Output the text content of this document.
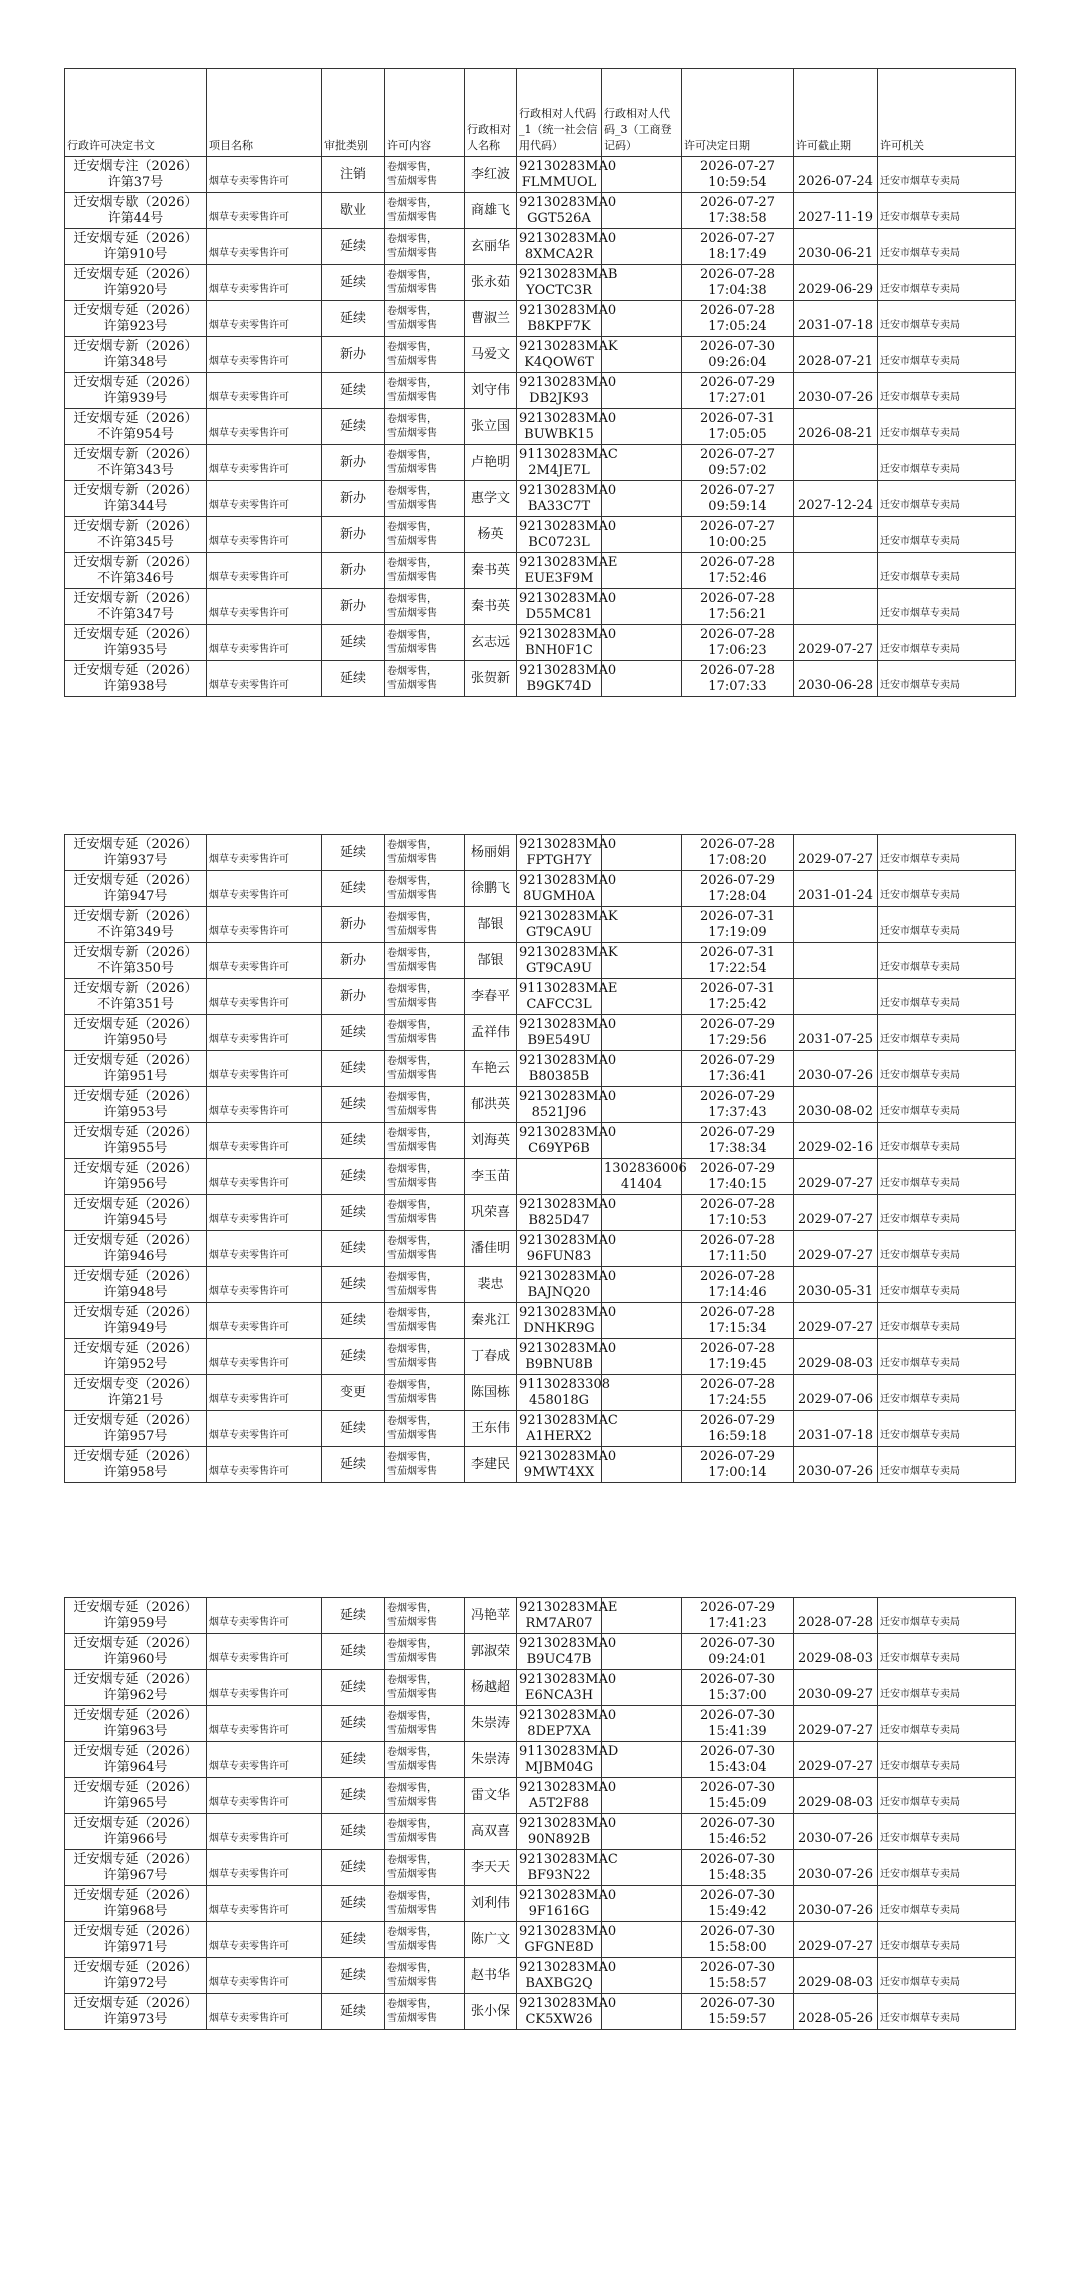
行政许可决定书文	项目名称	审批类别	许可内容	行政相对人名称	行政相对人代码_1（统一社会信用代码）	行政相对人代码_3（工商登记码）	许可决定日期	许可截止期	许可机关

迁安烟专注（2026）
许第37号	烟草专卖零售许可	注销	卷烟零售，
雪茄烟零售	李红波	92130283MA0
FLMMUOL		2026-07-27
10:59:54	2026-07-24	迁安市烟草专卖局

迁安烟专歇（2026）
许第44号	烟草专卖零售许可	歇业	卷烟零售，
雪茄烟零售	商雄飞	92130283MA0
GGT526A		2026-07-27
17:38:58	2027-11-19	迁安市烟草专卖局

迁安烟专延（2026）
许第910号	烟草专卖零售许可	延续	卷烟零售，
雪茄烟零售	玄丽华	92130283MA0
8XMCA2R		2026-07-27
18:17:49	2030-06-21	迁安市烟草专卖局

迁安烟专延（2026）
许第920号	烟草专卖零售许可	延续	卷烟零售，
雪茄烟零售	张永茹	92130283MAB
YOCTC3R		2026-07-28
17:04:38	2029-06-29	迁安市烟草专卖局

迁安烟专延（2026）
许第923号	烟草专卖零售许可	延续	卷烟零售，
雪茄烟零售	曹淑兰	92130283MA0
B8KPF7K		2026-07-28
17:05:24	2031-07-18	迁安市烟草专卖局

迁安烟专新（2026）
许第348号	烟草专卖零售许可	新办	卷烟零售，
雪茄烟零售	马爱文	92130283MAK
K4QOW6T		2026-07-30
09:26:04	2028-07-21	迁安市烟草专卖局

迁安烟专延（2026）
许第939号	烟草专卖零售许可	延续	卷烟零售，
雪茄烟零售	刘守伟	92130283MA0
DB2JK93		2026-07-29
17:27:01	2030-07-26	迁安市烟草专卖局

迁安烟专延（2026）
不许第954号	烟草专卖零售许可	延续	卷烟零售，
雪茄烟零售	张立国	92130283MA0
BUWBK15		2026-07-31
17:05:05	2026-08-21	迁安市烟草专卖局

迁安烟专新（2026）
不许第343号	烟草专卖零售许可	新办	卷烟零售，
雪茄烟零售	卢艳明	91130283MAC
2M4JE7L		2026-07-27
09:57:02		迁安市烟草专卖局

迁安烟专新（2026）
许第344号	烟草专卖零售许可	新办	卷烟零售，
雪茄烟零售	惠学文	92130283MA0
BA33C7T		2026-07-27
09:59:14	2027-12-24	迁安市烟草专卖局

迁安烟专新（2026）
不许第345号	烟草专卖零售许可	新办	卷烟零售，
雪茄烟零售	杨英	92130283MA0
BC0723L		2026-07-27
10:00:25		迁安市烟草专卖局

迁安烟专新（2026）
不许第346号	烟草专卖零售许可	新办	卷烟零售，
雪茄烟零售	秦书英	92130283MAE
EUE3F9M		2026-07-28
17:52:46		迁安市烟草专卖局

迁安烟专新（2026）
不许第347号	烟草专卖零售许可	新办	卷烟零售，
雪茄烟零售	秦书英	92130283MA0
D55MC81		2026-07-28
17:56:21		迁安市烟草专卖局

迁安烟专延（2026）
许第935号	烟草专卖零售许可	延续	卷烟零售，
雪茄烟零售	玄志远	92130283MA0
BNH0F1C		2026-07-28
17:06:23	2029-07-27	迁安市烟草专卖局

迁安烟专延（2026）
许第938号	烟草专卖零售许可	延续	卷烟零售，
雪茄烟零售	张贺新	92130283MA0
B9GK74D		2026-07-28
17:07:33	2030-06-28	迁安市烟草专卖局
迁安烟专延（2026）
许第937号	烟草专卖零售许可	延续	卷烟零售，
雪茄烟零售	杨丽娟	92130283MA0
FPTGH7Y		2026-07-28
17:08:20	2029-07-27	迁安市烟草专卖局

迁安烟专延（2026）
许第947号	烟草专卖零售许可	延续	卷烟零售，
雪茄烟零售	徐鹏飞	92130283MA0
8UGMH0A		2026-07-29
17:28:04	2031-01-24	迁安市烟草专卖局

迁安烟专新（2026）
不许第349号	烟草专卖零售许可	新办	卷烟零售，
雪茄烟零售	郜银	92130283MAK
GT9CA9U		2026-07-31
17:19:09		迁安市烟草专卖局

迁安烟专新（2026）
不许第350号	烟草专卖零售许可	新办	卷烟零售，
雪茄烟零售	郜银	92130283MAK
GT9CA9U		2026-07-31
17:22:54		迁安市烟草专卖局

迁安烟专新（2026）
不许第351号	烟草专卖零售许可	新办	卷烟零售，
雪茄烟零售	李春平	91130283MAE
CAFCC3L		2026-07-31
17:25:42		迁安市烟草专卖局

迁安烟专延（2026）
许第950号	烟草专卖零售许可	延续	卷烟零售，
雪茄烟零售	孟祥伟	92130283MA0
B9E549U		2026-07-29
17:29:56	2031-07-25	迁安市烟草专卖局

迁安烟专延（2026）
许第951号	烟草专卖零售许可	延续	卷烟零售，
雪茄烟零售	车艳云	92130283MA0
B80385B		2026-07-29
17:36:41	2030-07-26	迁安市烟草专卖局

迁安烟专延（2026）
许第953号	烟草专卖零售许可	延续	卷烟零售，
雪茄烟零售	郁洪英	92130283MA0
8521J96		2026-07-29
17:37:43	2030-08-02	迁安市烟草专卖局

迁安烟专延（2026）
许第955号	烟草专卖零售许可	延续	卷烟零售，
雪茄烟零售	刘海英	92130283MA0
C69YP6B		2026-07-29
17:38:34	2029-02-16	迁安市烟草专卖局

迁安烟专延（2026）
许第956号	烟草专卖零售许可	延续	卷烟零售，
雪茄烟零售	李玉苗		1302836006
41404	2026-07-29
17:40:15	2029-07-27	迁安市烟草专卖局

迁安烟专延（2026）
许第945号	烟草专卖零售许可	延续	卷烟零售，
雪茄烟零售	巩荣喜	92130283MA0
B825D47		2026-07-28
17:10:53	2029-07-27	迁安市烟草专卖局

迁安烟专延（2026）
许第946号	烟草专卖零售许可	延续	卷烟零售，
雪茄烟零售	潘佳明	92130283MA0
96FUN83		2026-07-28
17:11:50	2029-07-27	迁安市烟草专卖局

迁安烟专延（2026）
许第948号	烟草专卖零售许可	延续	卷烟零售，
雪茄烟零售	裴忠	92130283MA0
BAJNQ20		2026-07-28
17:14:46	2030-05-31	迁安市烟草专卖局

迁安烟专延（2026）
许第949号	烟草专卖零售许可	延续	卷烟零售，
雪茄烟零售	秦兆江	92130283MA0
DNHKR9G		2026-07-28
17:15:34	2029-07-27	迁安市烟草专卖局

迁安烟专延（2026）
许第952号	烟草专卖零售许可	延续	卷烟零售，
雪茄烟零售	丁春成	92130283MA0
B9BNU8B		2026-07-28
17:19:45	2029-08-03	迁安市烟草专卖局

迁安烟专变（2026）
许第21号	烟草专卖零售许可	变更	卷烟零售，
雪茄烟零售	陈国栋	91130283308
458018G		2026-07-28
17:24:55	2029-07-06	迁安市烟草专卖局

迁安烟专延（2026）
许第957号	烟草专卖零售许可	延续	卷烟零售，
雪茄烟零售	王东伟	92130283MAC
A1HERX2		2026-07-29
16:59:18	2031-07-18	迁安市烟草专卖局

迁安烟专延（2026）
许第958号	烟草专卖零售许可	延续	卷烟零售，
雪茄烟零售	李建民	92130283MA0
9MWT4XX		2026-07-29
17:00:14	2030-07-26	迁安市烟草专卖局
迁安烟专延（2026）
许第959号	烟草专卖零售许可	延续	卷烟零售，
雪茄烟零售	冯艳苹	92130283MAE
RM7AR07		2026-07-29
17:41:23	2028-07-28	迁安市烟草专卖局

迁安烟专延（2026）
许第960号	烟草专卖零售许可	延续	卷烟零售，
雪茄烟零售	郭淑荣	92130283MA0
B9UC47B		2026-07-30
09:24:01	2029-08-03	迁安市烟草专卖局

迁安烟专延（2026）
许第962号	烟草专卖零售许可	延续	卷烟零售，
雪茄烟零售	杨越超	92130283MA0
E6NCA3H		2026-07-30
15:37:00	2030-09-27	迁安市烟草专卖局

迁安烟专延（2026）
许第963号	烟草专卖零售许可	延续	卷烟零售，
雪茄烟零售	朱崇涛	92130283MA0
8DEP7XA		2026-07-30
15:41:39	2029-07-27	迁安市烟草专卖局

迁安烟专延（2026）
许第964号	烟草专卖零售许可	延续	卷烟零售，
雪茄烟零售	朱崇涛	91130283MAD
MJBM04G		2026-07-30
15:43:04	2029-07-27	迁安市烟草专卖局

迁安烟专延（2026）
许第965号	烟草专卖零售许可	延续	卷烟零售，
雪茄烟零售	雷文华	92130283MA0
A5T2F88		2026-07-30
15:45:09	2029-08-03	迁安市烟草专卖局

迁安烟专延（2026）
许第966号	烟草专卖零售许可	延续	卷烟零售，
雪茄烟零售	高双喜	92130283MA0
90N892B		2026-07-30
15:46:52	2030-07-26	迁安市烟草专卖局

迁安烟专延（2026）
许第967号	烟草专卖零售许可	延续	卷烟零售，
雪茄烟零售	李天天	92130283MAC
BF93N22		2026-07-30
15:48:35	2030-07-26	迁安市烟草专卖局

迁安烟专延（2026）
许第968号	烟草专卖零售许可	延续	卷烟零售，
雪茄烟零售	刘利伟	92130283MA0
9F1616G		2026-07-30
15:49:42	2030-07-26	迁安市烟草专卖局

迁安烟专延（2026）
许第971号	烟草专卖零售许可	延续	卷烟零售，
雪茄烟零售	陈广文	92130283MA0
GFGNE8D		2026-07-30
15:58:00	2029-07-27	迁安市烟草专卖局

迁安烟专延（2026）
许第972号	烟草专卖零售许可	延续	卷烟零售，
雪茄烟零售	赵书华	92130283MA0
BAXBG2Q		2026-07-30
15:58:57	2029-08-03	迁安市烟草专卖局

迁安烟专延（2026）
许第973号	烟草专卖零售许可	延续	卷烟零售，
雪茄烟零售	张小保	92130283MA0
CK5XW26		2026-07-30
15:59:57	2028-05-26	迁安市烟草专卖局
